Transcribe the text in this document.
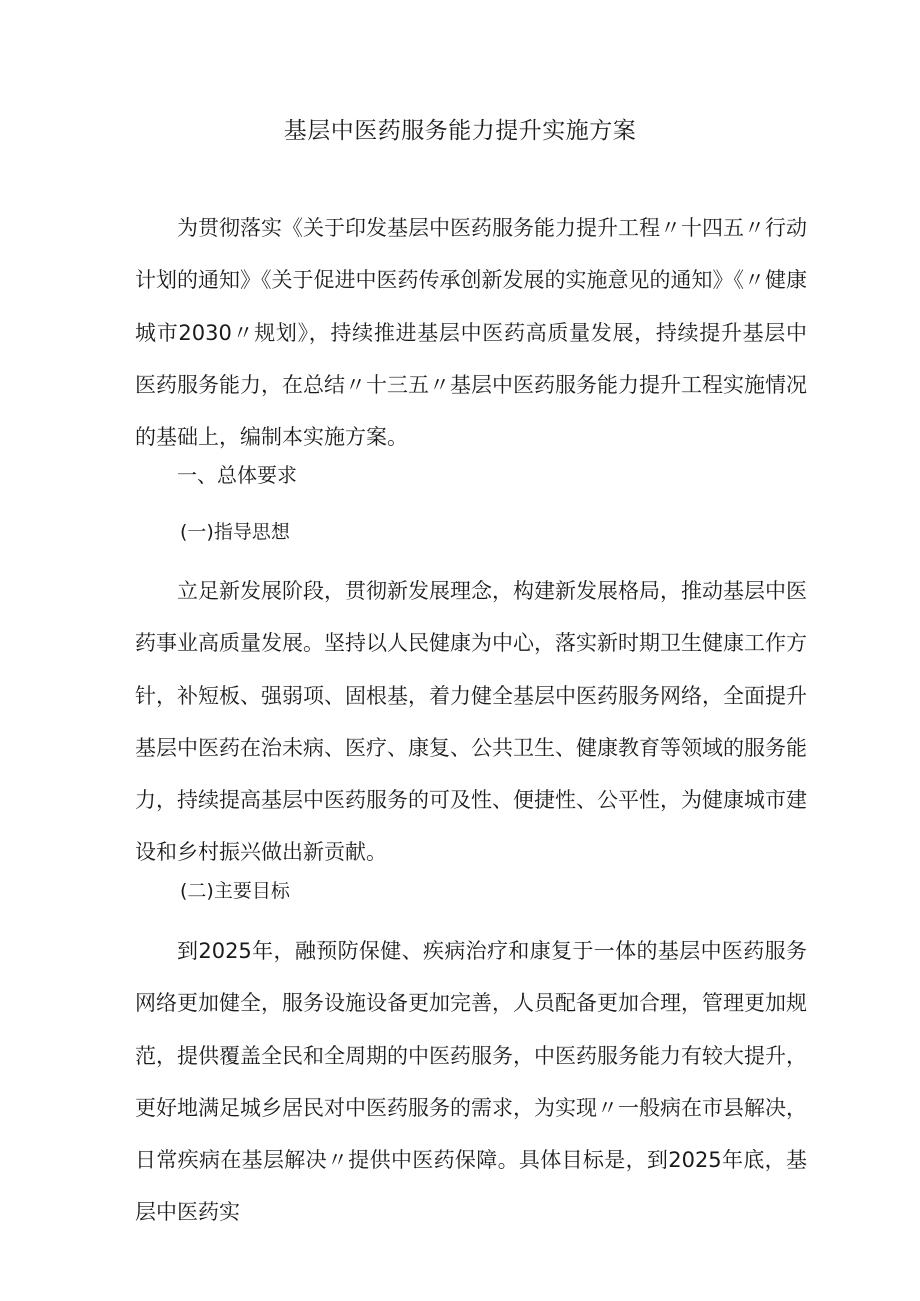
基层中医药服务能力提升实施方案

为贯彻落实《关于印发基层中医药服务能力提升工程〃十四五〃行动计划的通知》《关于促进中医药传承创新发展的实施意见的通知》《〃健康城市2030〃规划》，持续推进基层中医药高质量发展，持续提升基层中医药服务能力，在总结〃十三五〃基层中医药服务能力提升工程实施情况的基础上，编制本实施方案。

一、总体要求

(一)指导思想

立足新发展阶段，贯彻新发展理念，构建新发展格局，推动基层中医药事业高质量发展。坚持以人民健康为中心，落实新时期卫生健康工作方针，补短板、强弱项、固根基，着力健全基层中医药服务网络，全面提升基层中医药在治未病、医疗、康复、公共卫生、健康教育等领域的服务能力，持续提高基层中医药服务的可及性、便捷性、公平性，为健康城市建设和乡村振兴做出新贡献。

(二)主要目标

到2025年，融预防保健、疾病治疗和康复于一体的基层中医药服务网络更加健全，服务设施设备更加完善，人员配备更加合理，管理更加规范，提供覆盖全民和全周期的中医药服务，中医药服务能力有较大提升，更好地满足城乡居民对中医药服务的需求，为实现〃一般病在市县解决，日常疾病在基层解决〃提供中医药保障。具体目标是，到2025年底，基层中医药实
